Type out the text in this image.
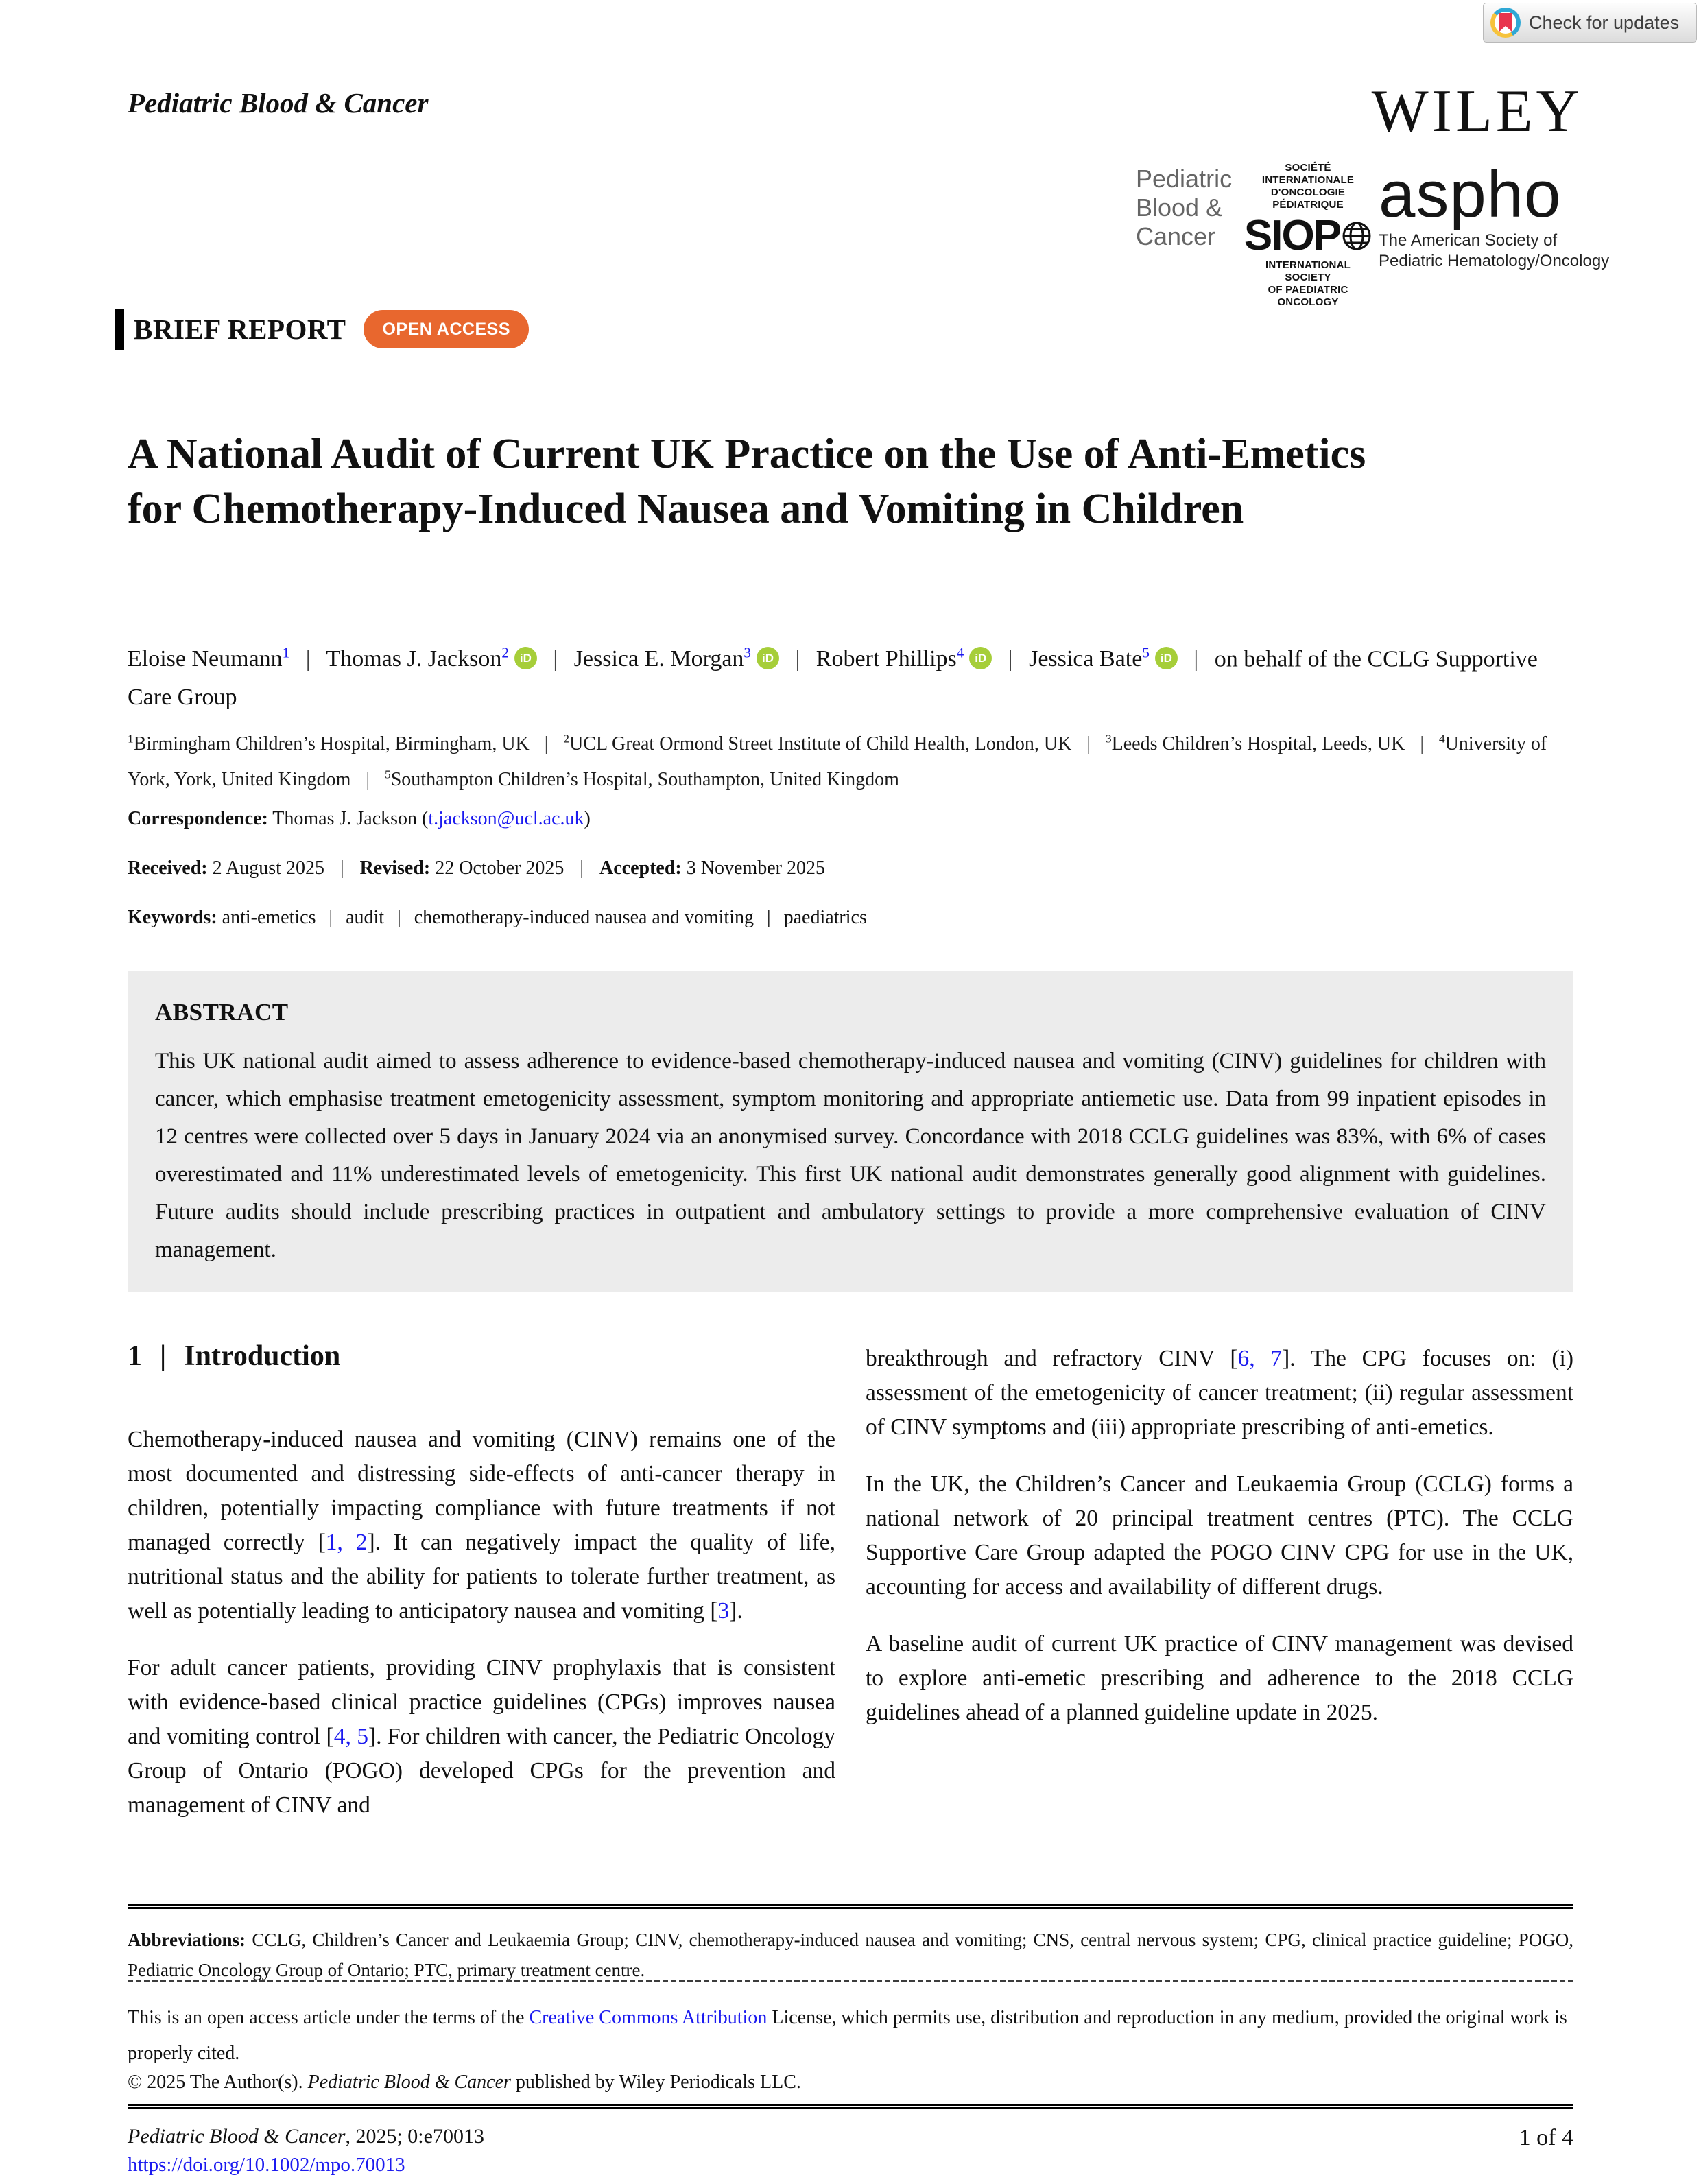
Check for updates
Pediatric Blood & Cancer	WILEY
Pediatric
Blood &
Cancer
SOCIÉTÉ INTERNATIONALE
D'ONCOLOGIE PÉDIATRIQUE
SIOP
INTERNATIONAL SOCIETY
OF PAEDIATRIC ONCOLOGY
aspho
The American Society of
Pediatric Hematology/Oncology
BRIEF REPORT	OPEN ACCESS
A National Audit of Current UK Practice on the Use of Anti-Emetics for Chemotherapy-Induced Nausea and Vomiting in Children
Eloise Neumann$^1$ | Thomas J. Jackson$^2$ iD | Jessica E. Morgan$^3$ iD | Robert Phillips$^4$ iD | Jessica Bate$^5$ iD | on behalf of the CCLG Supportive Care Group
$^1$Birmingham Children’s Hospital, Birmingham, UK | $^2$UCL Great Ormond Street Institute of Child Health, London, UK | $^3$Leeds Children’s Hospital, Leeds, UK | $^4$University of York, York, United Kingdom | $^5$Southampton Children’s Hospital, Southampton, United Kingdom
Correspondence: Thomas J. Jackson (t.jackson@ucl.ac.uk)
Received: 2 August 2025 | Revised: 22 October 2025 | Accepted: 3 November 2025
Keywords: anti-emetics | audit | chemotherapy-induced nausea and vomiting | paediatrics
ABSTRACT

This UK national audit aimed to assess adherence to evidence-based chemotherapy-induced nausea and vomiting (CINV) guidelines for children with cancer, which emphasise treatment emetogenicity assessment, symptom monitoring and appropriate antiemetic use. Data from 99 inpatient episodes in 12 centres were collected over 5 days in January 2024 via an anonymised survey. Concordance with 2018 CCLG guidelines was 83%, with 6% of cases overestimated and 11% underestimated levels of emetogenicity. This first UK national audit demonstrates generally good alignment with guidelines. Future audits should include prescribing practices in outpatient and ambulatory settings to provide a more comprehensive evaluation of CINV management.

1 | Introduction

Chemotherapy-induced nausea and vomiting (CINV) remains one of the most documented and distressing side-effects of anti-cancer therapy in children, potentially impacting compliance with future treatments if not managed correctly [1, 2]. It can negatively impact the quality of life, nutritional status and the ability for patients to tolerate further treatment, as well as potentially leading to anticipatory nausea and vomiting [3].

For adult cancer patients, providing CINV prophylaxis that is consistent with evidence-based clinical practice guidelines (CPGs) improves nausea and vomiting control [4, 5]. For children with cancer, the Pediatric Oncology Group of Ontario (POGO) developed CPGs for the prevention and management of CINV and

breakthrough and refractory CINV [6, 7]. The CPG focuses on: (i) assessment of the emetogenicity of cancer treatment; (ii) regular assessment of CINV symptoms and (iii) appropriate prescribing of anti-emetics.

In the UK, the Children’s Cancer and Leukaemia Group (CCLG) forms a national network of 20 principal treatment centres (PTC). The CCLG Supportive Care Group adapted the POGO CINV CPG for use in the UK, accounting for access and availability of different drugs.

A baseline audit of current UK practice of CINV management was devised to explore anti-emetic prescribing and adherence to the 2018 CCLG guidelines ahead of a planned guideline update in 2025.

Abbreviations: CCLG, Children’s Cancer and Leukaemia Group; CINV, chemotherapy-induced nausea and vomiting; CNS, central nervous system; CPG, clinical practice guideline; POGO, Pediatric Oncology Group of Ontario; PTC, primary treatment centre.
This is an open access article under the terms of the Creative Commons Attribution License, which permits use, distribution and reproduction in any medium, provided the original work is properly cited.
© 2025 The Author(s). Pediatric Blood & Cancer published by Wiley Periodicals LLC.
Pediatric Blood & Cancer, 2025; 0:e70013	1 of 4
https://doi.org/10.1002/mpo.70013
